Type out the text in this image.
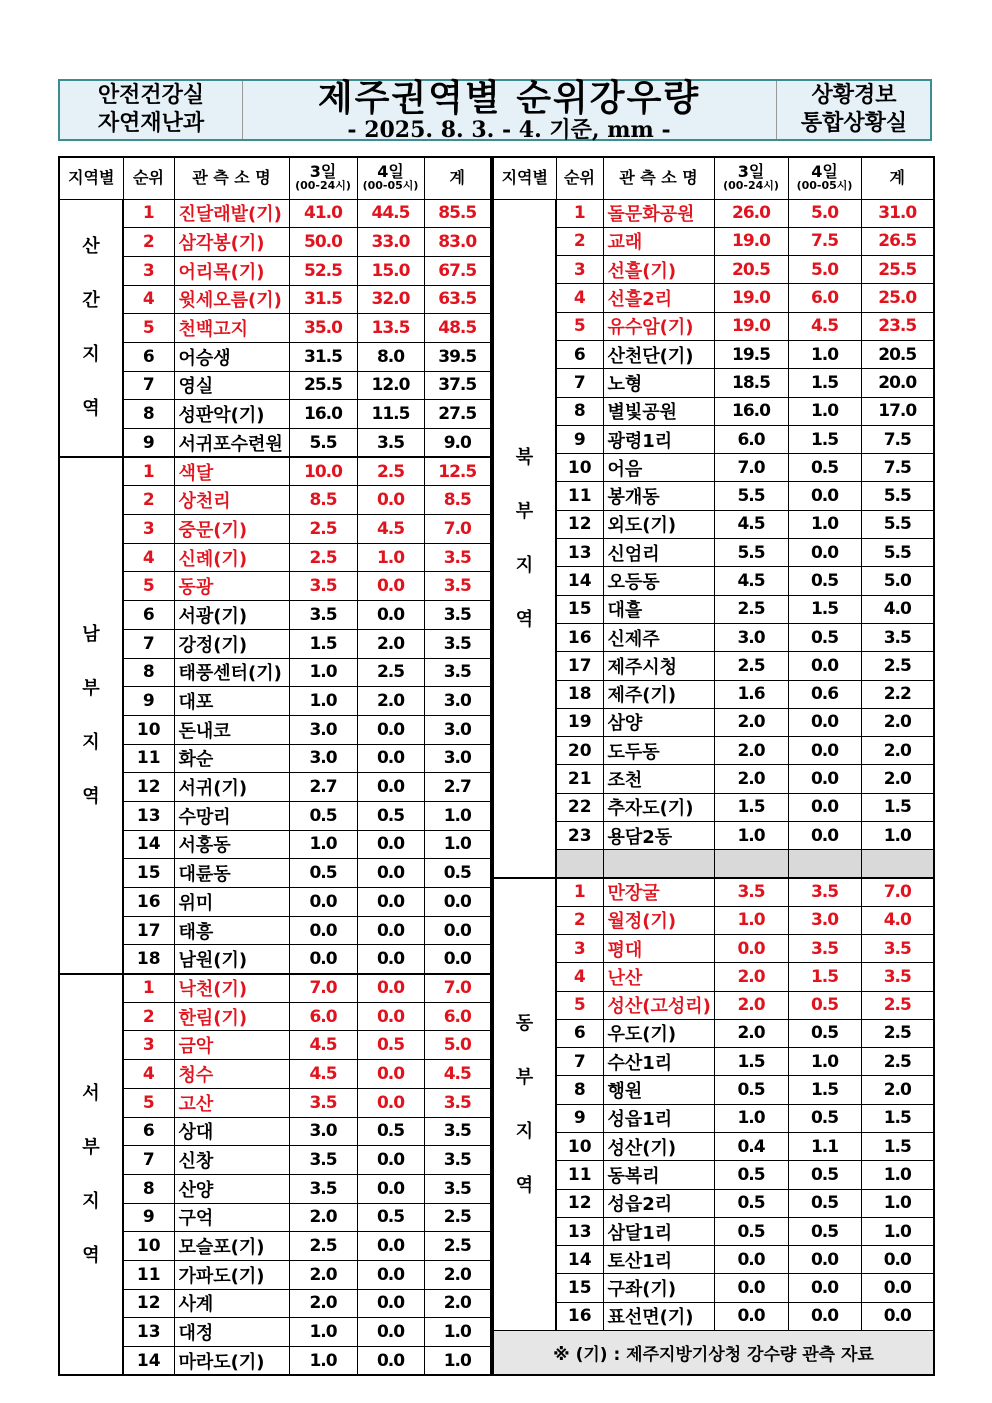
안전건강실
자연재난과
제주권역별 순위강우량
- 2025. 8. 3. - 4. 기준, mm -
상황경보
통합상황실
지역별	순위	관 측 소 명	3일
(00-24시)	4일
(00-05시)	계
산

간

지

역	1	진달래밭(기)	41.0	44.5	85.5
	2	삼각봉(기)	50.0	33.0	83.0
	3	어리목(기)	52.5	15.0	67.5
	4	윗세오름(기)	31.5	32.0	63.5
	5	천백고지	35.0	13.5	48.5
	6	어승생	31.5	8.0	39.5
	7	영실	25.5	12.0	37.5
	8	성판악(기)	16.0	11.5	27.5
	9	서귀포수련원	5.5	3.5	9.0
남

부

지

역	1	색달	10.0	2.5	12.5
	2	상천리	8.5	0.0	8.5
	3	중문(기)	2.5	4.5	7.0
	4	신례(기)	2.5	1.0	3.5
	5	동광	3.5	0.0	3.5
	6	서광(기)	3.5	0.0	3.5
	7	강정(기)	1.5	2.0	3.5
	8	태풍센터(기)	1.0	2.5	3.5
	9	대포	1.0	2.0	3.0
	10	돈내코	3.0	0.0	3.0
	11	화순	3.0	0.0	3.0
	12	서귀(기)	2.7	0.0	2.7
	13	수망리	0.5	0.5	1.0
	14	서홍동	1.0	0.0	1.0
	15	대륜동	0.5	0.0	0.5
	16	위미	0.0	0.0	0.0
	17	태흥	0.0	0.0	0.0
	18	남원(기)	0.0	0.0	0.0
서

부

지

역	1	낙천(기)	7.0	0.0	7.0
	2	한림(기)	6.0	0.0	6.0
	3	금악	4.5	0.5	5.0
	4	청수	4.5	0.0	4.5
	5	고산	3.5	0.0	3.5
	6	상대	3.0	0.5	3.5
	7	신창	3.5	0.0	3.5
	8	산양	3.5	0.0	3.5
	9	구억	2.0	0.5	2.5
	10	모슬포(기)	2.5	0.0	2.5
	11	가파도(기)	2.0	0.0	2.0
	12	사계	2.0	0.0	2.0
	13	대정	1.0	0.0	1.0
	14	마라도(기)	1.0	0.0	1.0
지역별	순위	관 측 소 명	3일
(00-24시)	4일
(00-05시)	계
북

부

지

역	1	돌문화공원	26.0	5.0	31.0
	2	교래	19.0	7.5	26.5
	3	선흘(기)	20.5	5.0	25.5
	4	선흘2리	19.0	6.0	25.0
	5	유수암(기)	19.0	4.5	23.5
	6	산천단(기)	19.5	1.0	20.5
	7	노형	18.5	1.5	20.0
	8	별빛공원	16.0	1.0	17.0
	9	광령1리	6.0	1.5	7.5
	10	어음	7.0	0.5	7.5
	11	봉개동	5.5	0.0	5.5
	12	외도(기)	4.5	1.0	5.5
	13	신엄리	5.5	0.0	5.5
	14	오등동	4.5	0.5	5.0
	15	대흘	2.5	1.5	4.0
	16	신제주	3.0	0.5	3.5
	17	제주시청	2.5	0.0	2.5
	18	제주(기)	1.6	0.6	2.2
	19	삼양	2.0	0.0	2.0
	20	도두동	2.0	0.0	2.0
	21	조천	2.0	0.0	2.0
	22	추자도(기)	1.5	0.0	1.5
	23	용담2동	1.0	0.0	1.0

동

부

지

역	1	만장굴	3.5	3.5	7.0
	2	월정(기)	1.0	3.0	4.0
	3	평대	0.0	3.5	3.5
	4	난산	2.0	1.5	3.5
	5	성산(고성리)	2.0	0.5	2.5
	6	우도(기)	2.0	0.5	2.5
	7	수산1리	1.5	1.0	2.5
	8	행원	0.5	1.5	2.0
	9	성읍1리	1.0	0.5	1.5
	10	성산(기)	0.4	1.1	1.5
	11	동복리	0.5	0.5	1.0
	12	성읍2리	0.5	0.5	1.0
	13	삼달1리	0.5	0.5	1.0
	14	토산1리	0.0	0.0	0.0
	15	구좌(기)	0.0	0.0	0.0
	16	표선면(기)	0.0	0.0	0.0
※ (기) : 제주지방기상청 강수량 관측 자료					
